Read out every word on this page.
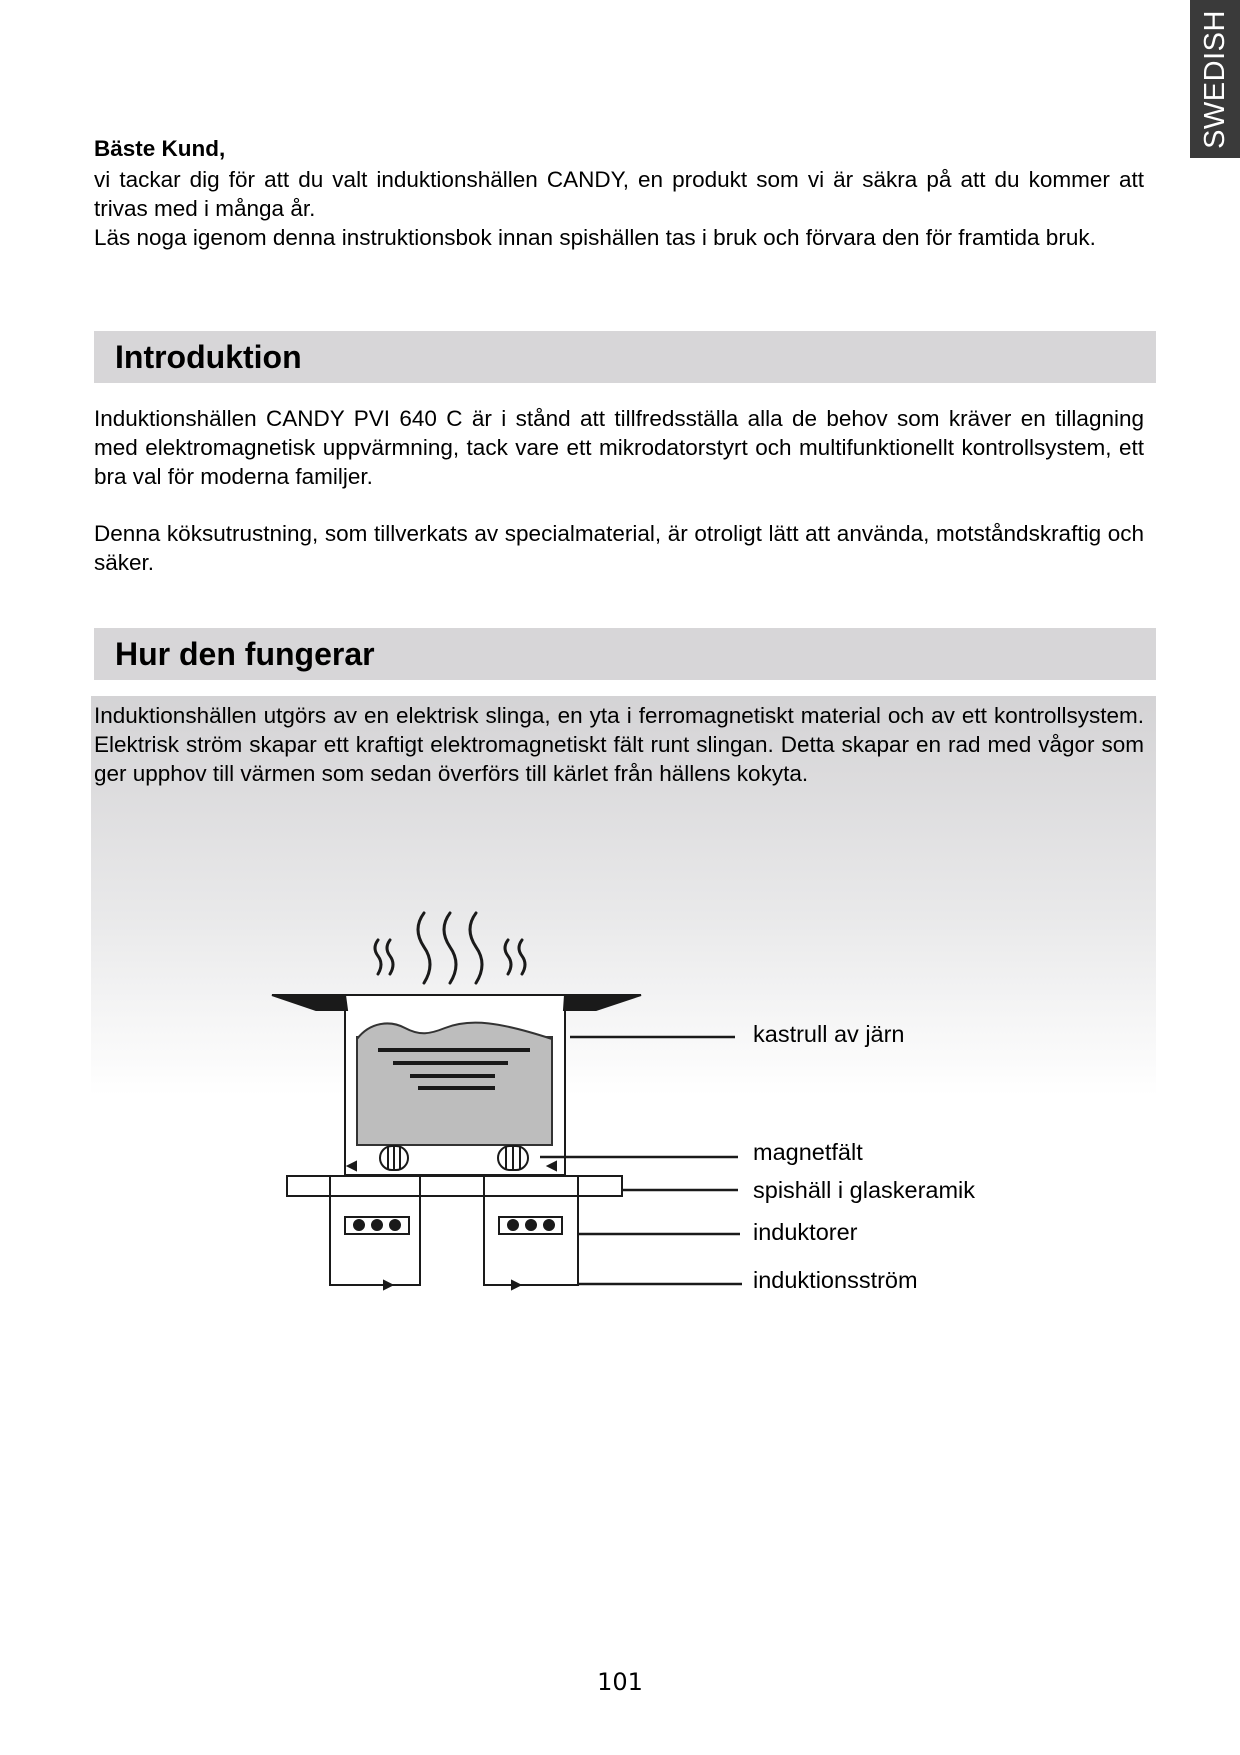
SWEDISH

Bäste Kund,

vi tackar dig för att du valt induktionshällen CANDY, en produkt som vi är säkra på att du kommer att trivas med i många år.

Läs noga igenom denna instruktionsbok innan spishällen tas i bruk och förvara den för framtida bruk.

Introduktion

Induktionshällen CANDY PVI 640 C är i stånd att tillfredsställa alla de behov som kräver en tillagning med elektromagnetisk uppvärmning, tack vare ett mikrodatorstyrt och multifunktionellt kontrollsystem, ett bra val för moderna familjer.

Denna köksutrustning, som tillverkats av specialmaterial, är otroligt lätt att använda, motståndskraftig och säker.

Hur den fungerar

Induktionshällen utgörs av en elektrisk slinga, en yta i ferromagnetiskt material och av ett kontrollsystem. Elektrisk ström skapar ett kraftigt elektromagnetiskt fält runt slingan. Detta skapar en rad med vågor som ger upphov till värmen som sedan överförs till kärlet från hällens kokyta.

kastrull av järn

magnetfält

spishäll i glaskeramik

induktorer

induktionsström

101
